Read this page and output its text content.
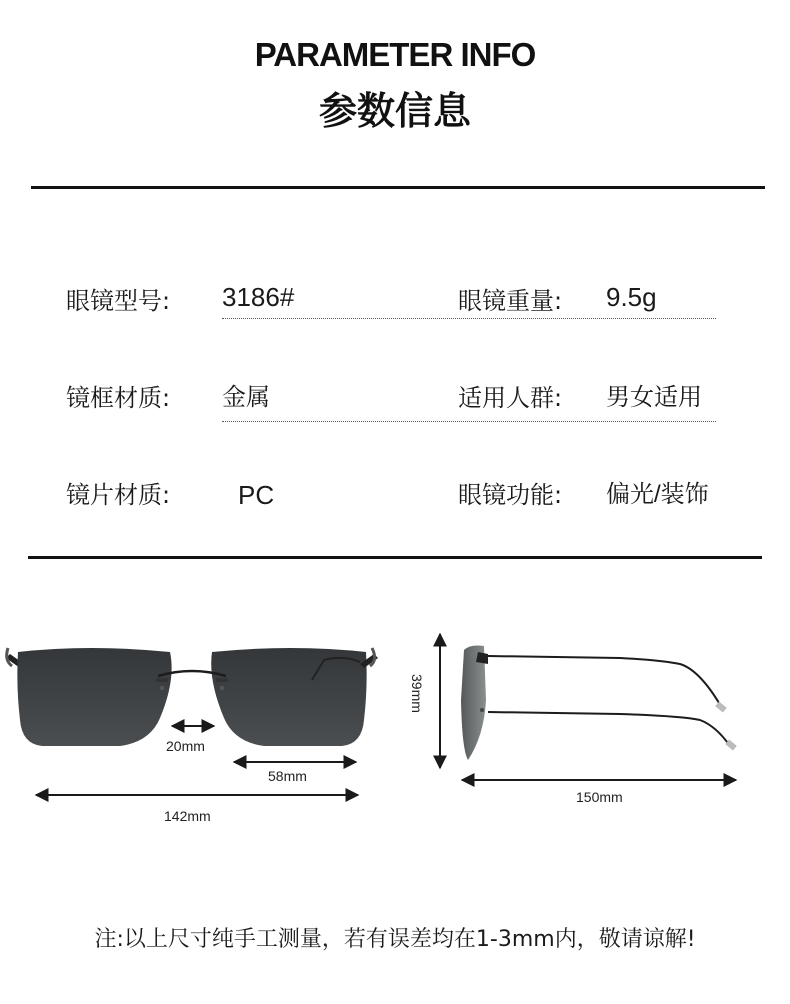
PARAMETER INFO
参数信息
眼镜型号: 3186#	眼镜重量: 9.5g
镜框材质: 金属	适用人群: 男女适用
镜片材质:	PC	眼镜功能: 偏光/装饰
20mm
58mm
142mm
39mm
150mm
注:以上尺寸纯手工测量，若有误差均在1-3mm内，敬请谅解!
